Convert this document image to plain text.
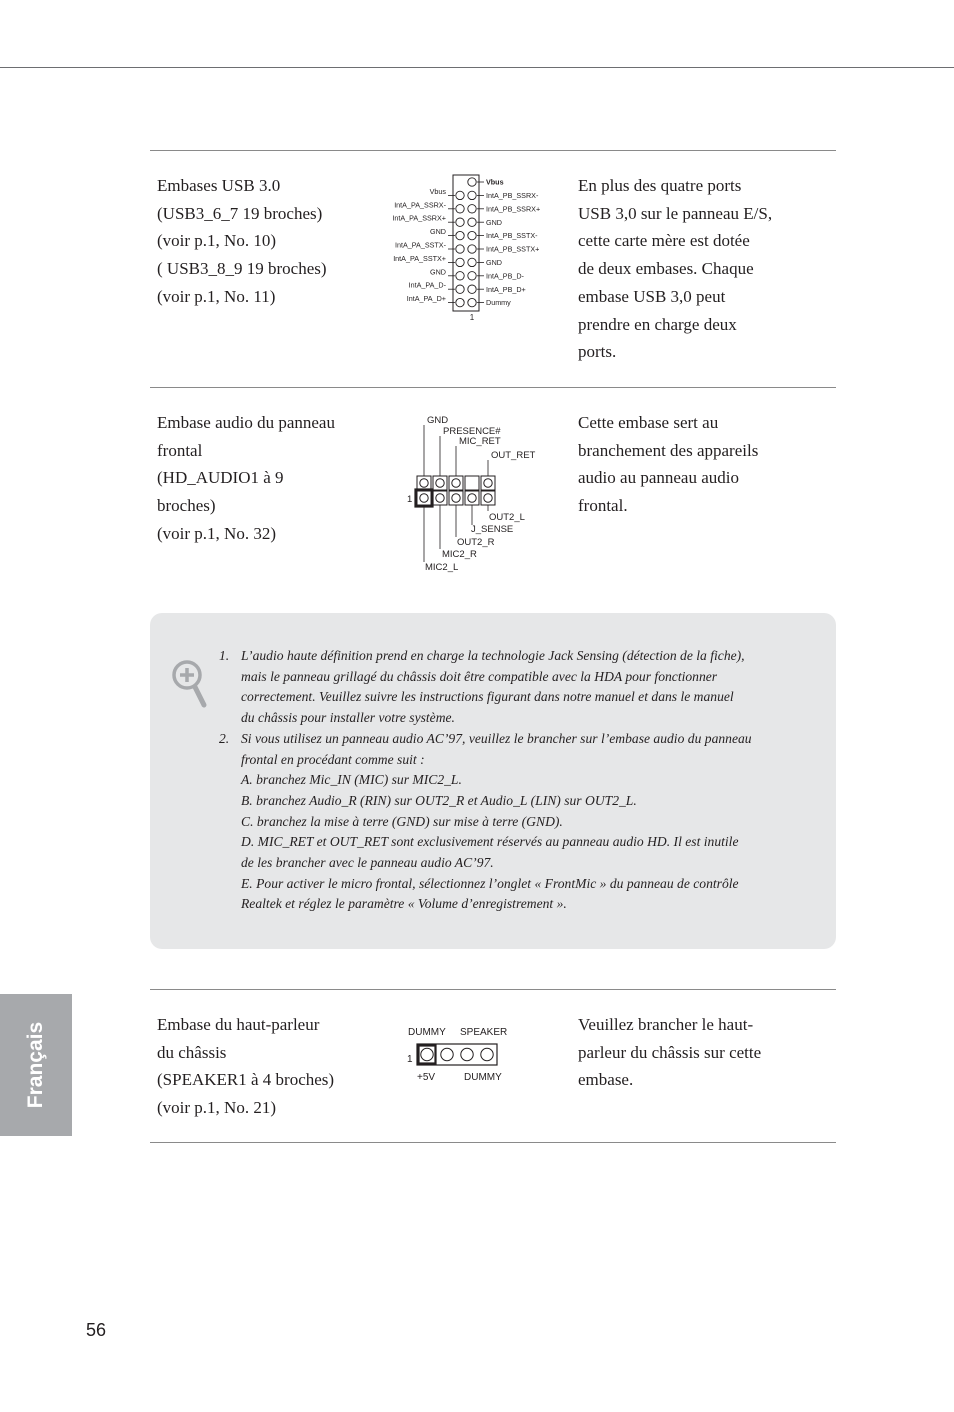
Embases USB 3.0
(USB3_6_7 19 broches)
(voir p.1, No. 10)
( USB3_8_9 19 broches)
(voir p.1, No. 11)
Vbus
IntA_PB_SSRX-
IntA_PB_SSRX+
GND
IntA_PB_SSTX-
IntA_PB_SSTX+
GND
IntA_PB_D-
IntA_PB_D+
Dummy
Vbus
IntA_PA_SSRX-
IntA_PA_SSRX+
GND
IntA_PA_SSTX-
IntA_PA_SSTX+
GND
IntA_PA_D-
IntA_PA_D+
1
En plus des quatre ports
USB 3,0 sur le panneau E/S,
cette carte mère est dotée
de deux embases. Chaque
embase USB 3,0 peut
prendre en charge deux
ports.
Embase audio du panneau
frontal
(HD_AUDIO1 à 9
broches)
(voir p.1, No. 32)
GND
PRESENCE#
MIC_RET
OUT_RET
OUT2_L
J_SENSE
OUT2_R
MIC2_R
MIC2_L
1
Cette embase sert au
branchement des appareils
audio au panneau audio
frontal.
1. L’audio haute définition prend en charge la technologie Jack Sensing (détection de la fiche),
mais le panneau grillagé du châssis doit être compatible avec la HDA pour fonctionner
correctement. Veuillez suivre les instructions figurant dans notre manuel et dans le manuel
du châssis pour installer votre système.
2. Si vous utilisez un panneau audio AC’97, veuillez le brancher sur l’embase audio du panneau
frontal en procédant comme suit :
A. branchez Mic_IN (MIC) sur MIC2_L.
B. branchez Audio_R (RIN) sur OUT2_R et Audio_L (LIN) sur OUT2_L.
C. branchez la mise à terre (GND) sur mise à terre (GND).
D. MIC_RET et OUT_RET sont exclusivement réservés au panneau audio HD. Il est inutile
de les brancher avec le panneau audio AC’97.
E. Pour activer le micro frontal, sélectionnez l’onglet « FrontMic » du panneau de contrôle
Realtek et réglez le paramètre « Volume d’enregistrement ».
Embase du haut-parleur
du châssis
(SPEAKER1 à 4 broches)
(voir p.1, No. 21)
DUMMY SPEAKER
1
+5V	DUMMY
Veuillez brancher le haut-
parleur du châssis sur cette
embase.
Français
56
